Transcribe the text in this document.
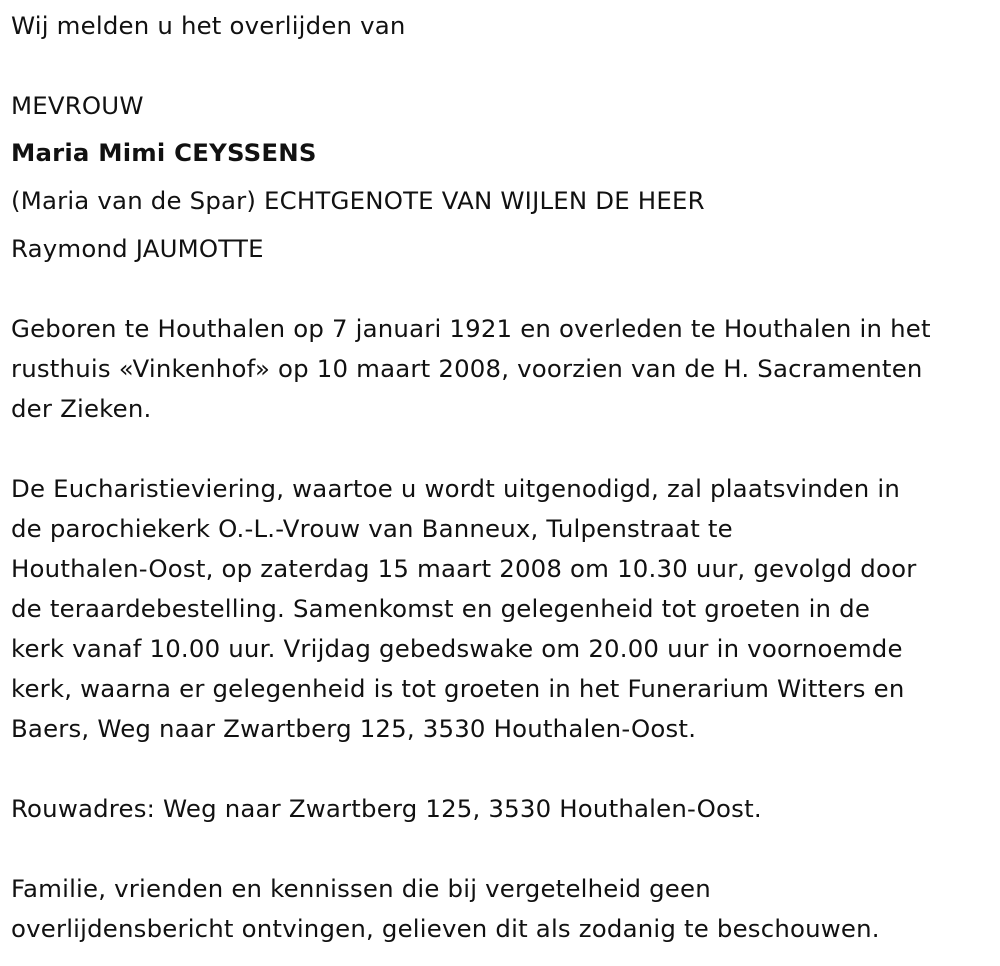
Wij melden u het overlijden van
MEVROUW
Maria Mimi CEYSSENS
(Maria van de Spar) ECHTGENOTE VAN WIJLEN DE HEER
Raymond JAUMOTTE
Geboren te Houthalen op 7 januari 1921 en overleden te Houthalen in het
rusthuis «Vinkenhof» op 10 maart 2008, voorzien van de H. Sacramenten
der Zieken.
De Eucharistieviering, waartoe u wordt uitgenodigd, zal plaatsvinden in
de parochiekerk O.-L.-Vrouw van Banneux, Tulpenstraat te
Houthalen-Oost, op zaterdag 15 maart 2008 om 10.30 uur, gevolgd door
de teraardebestelling. Samenkomst en gelegenheid tot groeten in de
kerk vanaf 10.00 uur. Vrijdag gebedswake om 20.00 uur in voornoemde
kerk, waarna er gelegenheid is tot groeten in het Funerarium Witters en
Baers, Weg naar Zwartberg 125, 3530 Houthalen-Oost.
Rouwadres: Weg naar Zwartberg 125, 3530 Houthalen-Oost.
Familie, vrienden en kennissen die bij vergetelheid geen
overlijdensbericht ontvingen, gelieven dit als zodanig te beschouwen.
